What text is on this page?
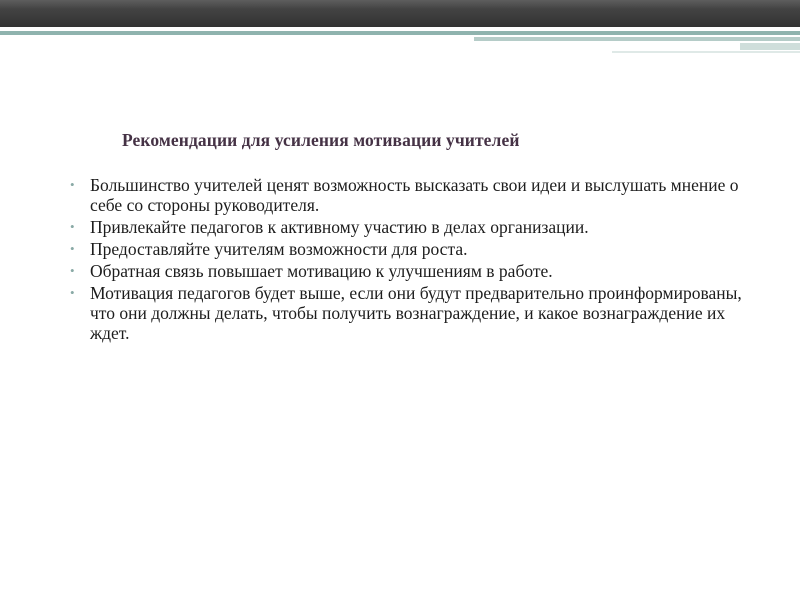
Рекомендации для усиления мотивации учителей
• Большинство учителей ценят возможность высказать свои идеи и выслушать мнение о себе со стороны руководителя.
• Привлекайте педагогов к активному участию в делах организации.
• Предоставляйте учителям возможности для роста.
• Обратная связь повышает мотивацию к улучшениям в работе.
• Мотивация педагогов будет выше, если они будут предварительно проинформированы, что они должны делать, чтобы получить вознаграждение, и какое вознаграждение их ждет.
